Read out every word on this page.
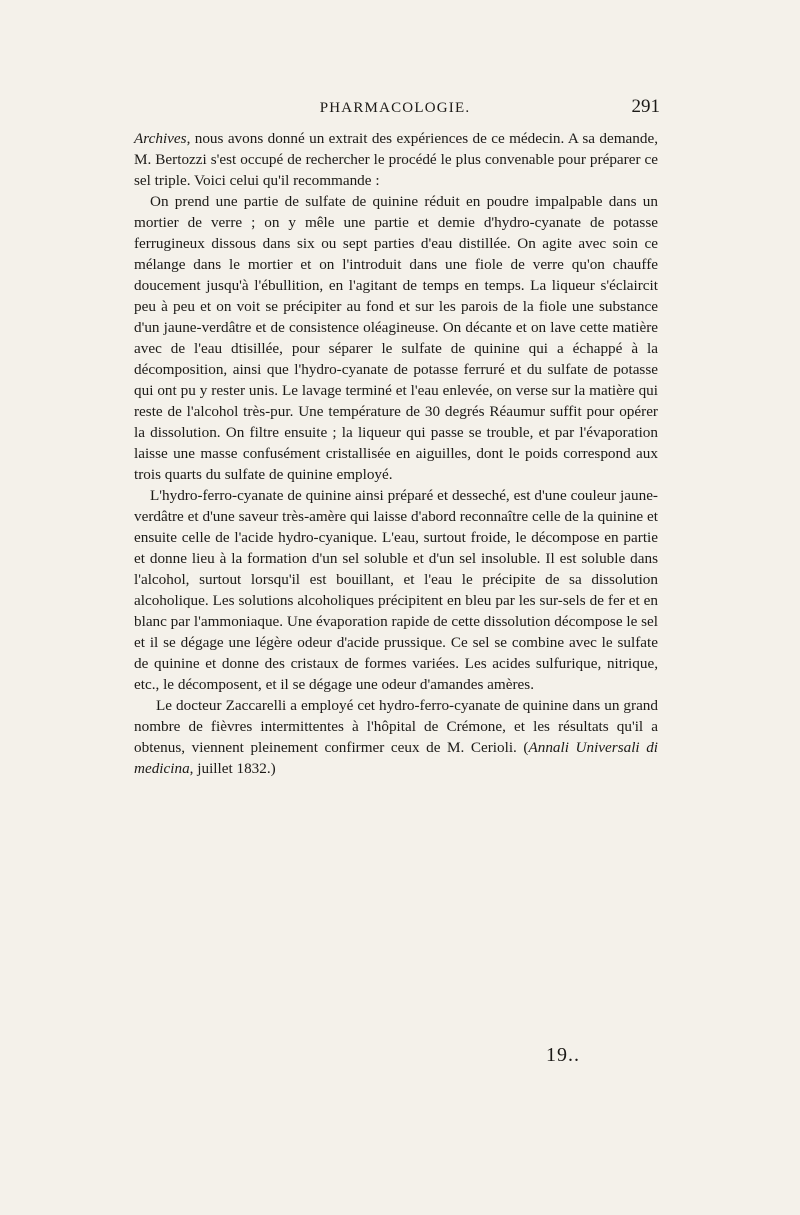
PHARMACOLOGIE.	291

Archives, nous avons donné un extrait des expériences de ce médecin. A sa demande, M. Bertozzi s'est occupé de rechercher le procédé le plus convenable pour préparer ce sel triple. Voici celui qu'il recommande :

On prend une partie de sulfate de quinine réduit en poudre impalpable dans un mortier de verre ; on y mêle une partie et demie d'hydro-cyanate de potasse ferrugineux dissous dans six ou sept parties d'eau distillée. On agite avec soin ce mélange dans le mortier et on l'introduit dans une fiole de verre qu'on chauffe doucement jusqu'à l'ébullition, en l'agitant de temps en temps. La liqueur s'éclaircit peu à peu et on voit se précipiter au fond et sur les parois de la fiole une substance d'un jaune-verdâtre et de consistence oléagineuse. On décante et on lave cette matière avec de l'eau dtisillée, pour séparer le sulfate de quinine qui a échappé à la décomposition, ainsi que l'hydro-cyanate de potasse ferruré et du sulfate de potasse qui ont pu y rester unis. Le lavage terminé et l'eau enlevée, on verse sur la matière qui reste de l'alcohol très-pur. Une température de 30 degrés Réaumur suffit pour opérer la dissolution. On filtre ensuite ; la liqueur qui passe se trouble, et par l'évaporation laisse une masse confusément cristallisée en aiguilles, dont le poids correspond aux trois quarts du sulfate de quinine employé.

L'hydro-ferro-cyanate de quinine ainsi préparé et desseché, est d'une couleur jaune-verdâtre et d'une saveur très-amère qui laisse d'abord reconnaître celle de la quinine et ensuite celle de l'acide hydro-cyanique. L'eau, surtout froide, le décompose en partie et donne lieu à la formation d'un sel soluble et d'un sel insoluble. Il est soluble dans l'alcohol, surtout lorsqu'il est bouillant, et l'eau le précipite de sa dissolution alcoholique. Les solutions alcoholiques précipitent en bleu par les sur-sels de fer et en blanc par l'ammoniaque. Une évaporation rapide de cette dissolution décompose le sel et il se dégage une légère odeur d'acide prussique. Ce sel se combine avec le sulfate de quinine et donne des cristaux de formes variées. Les acides sulfurique, nitrique, etc., le décomposent, et il se dégage une odeur d'amandes amères.

Le docteur Zaccarelli a employé cet hydro-ferro-cyanate de quinine dans un grand nombre de fièvres intermittentes à l'hôpital de Crémone, et les résultats qu'il a obtenus, viennent pleinement confirmer ceux de M. Cerioli. (Annali Universali di medicina, juillet 1832.)

19..
